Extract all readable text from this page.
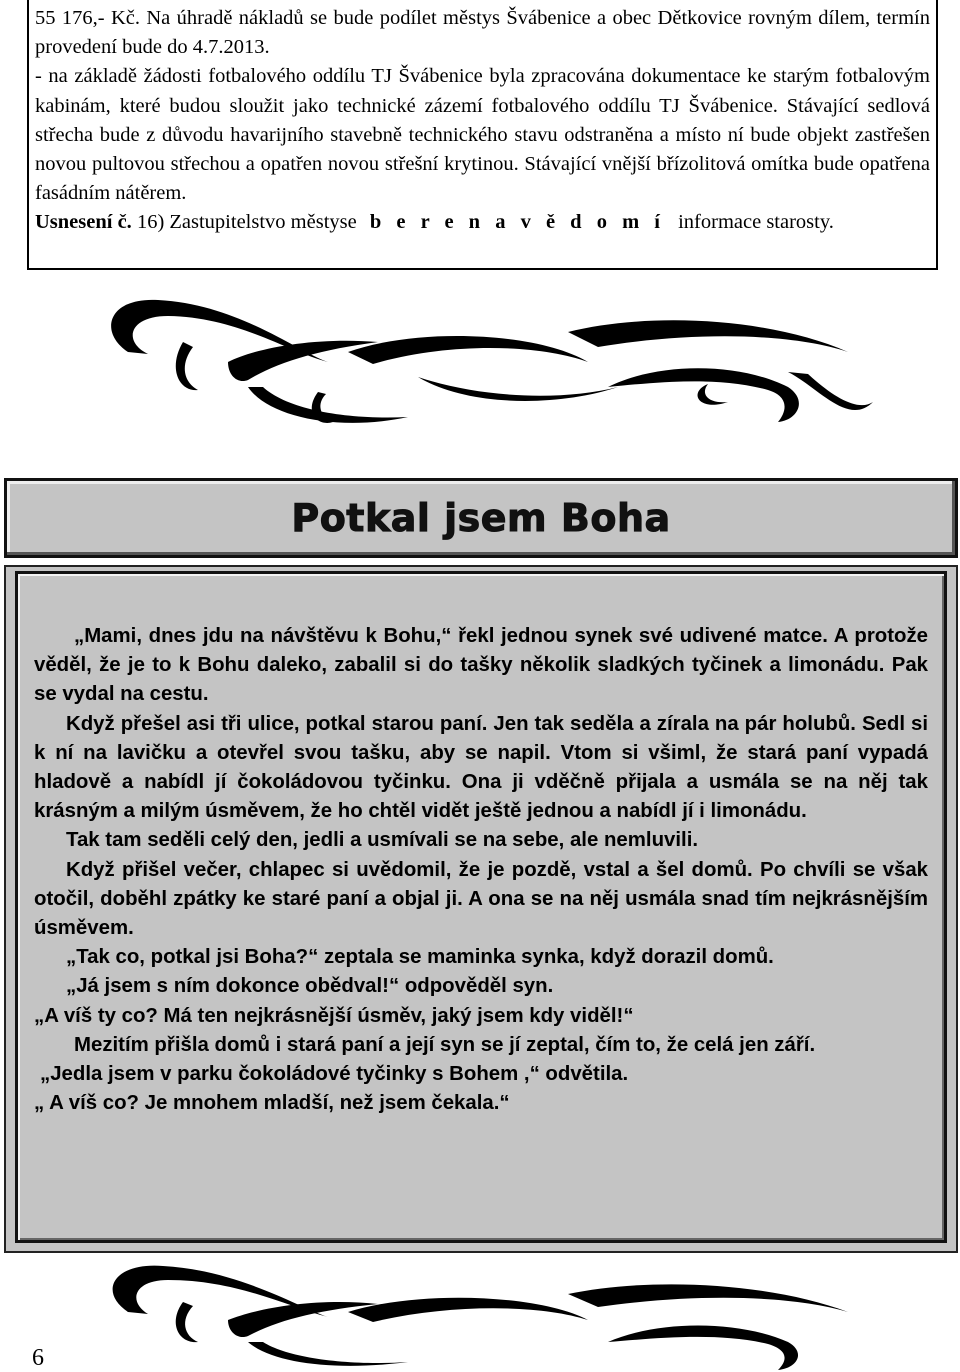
55 176,- Kč. Na úhradě nákladů se bude podílet městys Švábenice a obec Dětkovice rovným dílem, termín provedení bude do 4.7.2013.

- na základě žádosti fotbalového oddílu TJ Švábenice byla zpracována dokumentace ke starým fotbalovým kabinám, které budou sloužit jako technické zázemí fotbalového oddílu TJ Švábenice. Stávající sedlová střecha bude z důvodu havarijního stavebně technického stavu odstraněna a místo ní bude objekt zastřešen novou pultovou střechou a opatřen novou střešní krytinou. Stávající vnější břízolitová omítka bude opatřena fasádním nátěrem.

Usnesení č. 16) Zastupitelstvo městyse b e r e n a v ě d o m í informace starosty.

Potkal jsem Boha

„Mami, dnes jdu na návštěvu k Bohu,“ řekl jednou synek své udivené matce. A protože věděl, že je to k Bohu daleko, zabalil si do tašky několik sladkých tyčinek a limonádu. Pak se vydal na cestu.

Když přešel asi tři ulice, potkal starou paní. Jen tak seděla a zírala na pár holubů. Sedl si k ní na lavičku a otevřel svou tašku, aby se napil. Vtom si všiml, že stará paní vypadá hladově a nabídl jí čokoládovou tyčinku. Ona ji vděčně přijala a usmála se na něj tak krásným a milým úsměvem, že ho chtěl vidět ještě jednou a nabídl jí i limonádu.

Tak tam seděli celý den, jedli a usmívali se na sebe, ale nemluvili.

Když přišel večer, chlapec si uvědomil, že je pozdě, vstal a šel domů. Po chvíli se však otočil, doběhl zpátky ke staré paní a objal ji. A ona se na něj usmála snad tím nejkrásnějším úsměvem.

„Tak co, potkal jsi Boha?“ zeptala se maminka synka, když dorazil domů.

„Já jsem s ním dokonce obědval!“ odpověděl syn.

„A víš ty co? Má ten nejkrásnější úsměv, jaký jsem kdy viděl!“

Mezitím přišla domů i stará paní a její syn se jí zeptal, čím to, že celá jen září.

„Jedla jsem v parku čokoládové tyčinky s Bohem ,“ odvětila.

„ A víš co? Je mnohem mladší, než jsem čekala.“

6
